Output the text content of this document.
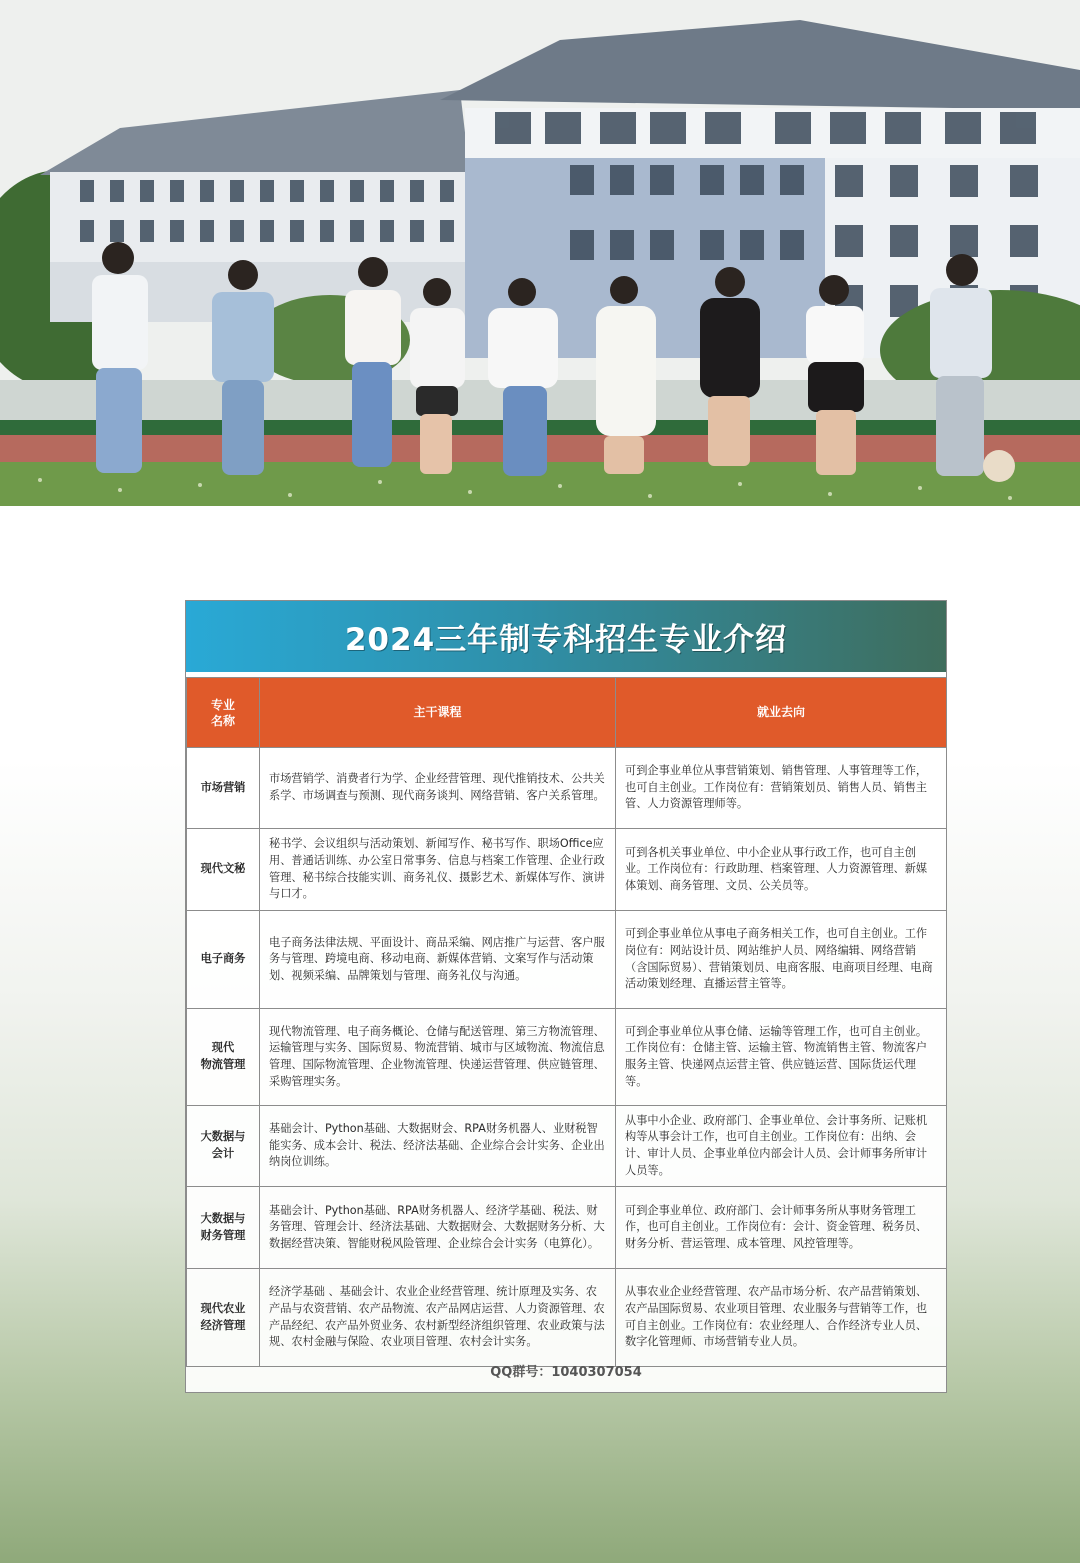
2024三年制专科招生专业介绍
专业
名称	主干课程	就业去向
市场营销	市场营销学、消费者行为学、企业经营管理、现代推销技术、公共关系学、市场调查与预测、现代商务谈判、网络营销、客户关系管理。	可到企事业单位从事营销策划、销售管理、人事管理等工作，也可自主创业。工作岗位有：营销策划员、销售人员、销售主管、人力资源管理师等。
现代文秘	秘书学、会议组织与活动策划、新闻写作、秘书写作、职场Office应用、普通话训练、办公室日常事务、信息与档案工作管理、企业行政管理、秘书综合技能实训、商务礼仪、摄影艺术、新媒体写作、演讲与口才。	可到各机关事业单位、中小企业从事行政工作，也可自主创业。工作岗位有：行政助理、档案管理、人力资源管理、新媒体策划、商务管理、文员、公关员等。
电子商务	电子商务法律法规、平面设计、商品采编、网店推广与运营、客户服务与管理、跨境电商、移动电商、新媒体营销、文案写作与活动策划、视频采编、品牌策划与管理、商务礼仪与沟通。	可到企事业单位从事电子商务相关工作，也可自主创业。工作岗位有：网站设计员、网站维护人员、网络编辑、网络营销（含国际贸易）、营销策划员、电商客服、电商项目经理、电商活动策划经理、直播运营主管等。
现代
物流管理	现代物流管理、电子商务概论、仓储与配送管理、第三方物流管理、运输管理与实务、国际贸易、物流营销、城市与区域物流、物流信息管理、国际物流管理、企业物流管理、快递运营管理、供应链管理、采购管理实务。	可到企事业单位从事仓储、运输等管理工作，也可自主创业。工作岗位有：仓储主管、运输主管、物流销售主管、物流客户服务主管、快递网点运营主管、供应链运营、国际货运代理等。
大数据与
会计	基础会计、Python基础、大数据财会、RPA财务机器人、业财税智能实务、成本会计、税法、经济法基础、企业综合会计实务、企业出纳岗位训练。	从事中小企业、政府部门、企事业单位、会计事务所、记账机构等从事会计工作，也可自主创业。工作岗位有：出纳、会计、审计人员、企事业单位内部会计人员、会计师事务所审计人员等。
大数据与
财务管理	基础会计、Python基础、RPA财务机器人、经济学基础、税法、财务管理、管理会计、经济法基础、大数据财会、大数据财务分析、大数据经营决策、智能财税风险管理、企业综合会计实务（电算化）。	可到企事业单位、政府部门、会计师事务所从事财务管理工作，也可自主创业。工作岗位有：会计、资金管理、税务员、财务分析、营运管理、成本管理、风控管理等。
现代农业
经济管理	经济学基础 、基础会计、农业企业经营管理、统计原理及实务、农产品与农资营销、农产品物流、农产品网店运营、人力资源管理、农产品经纪、农产品外贸业务、农村新型经济组织管理、农业政策与法规、农村金融与保险、农业项目管理、农村会计实务。	从事农业企业经营管理、农产品市场分析、农产品营销策划、农产品国际贸易、农业项目管理、农业服务与营销等工作，也可自主创业。工作岗位有：农业经理人、合作经济专业人员、数字化管理师、市场营销专业人员。
QQ群号：1040307054
